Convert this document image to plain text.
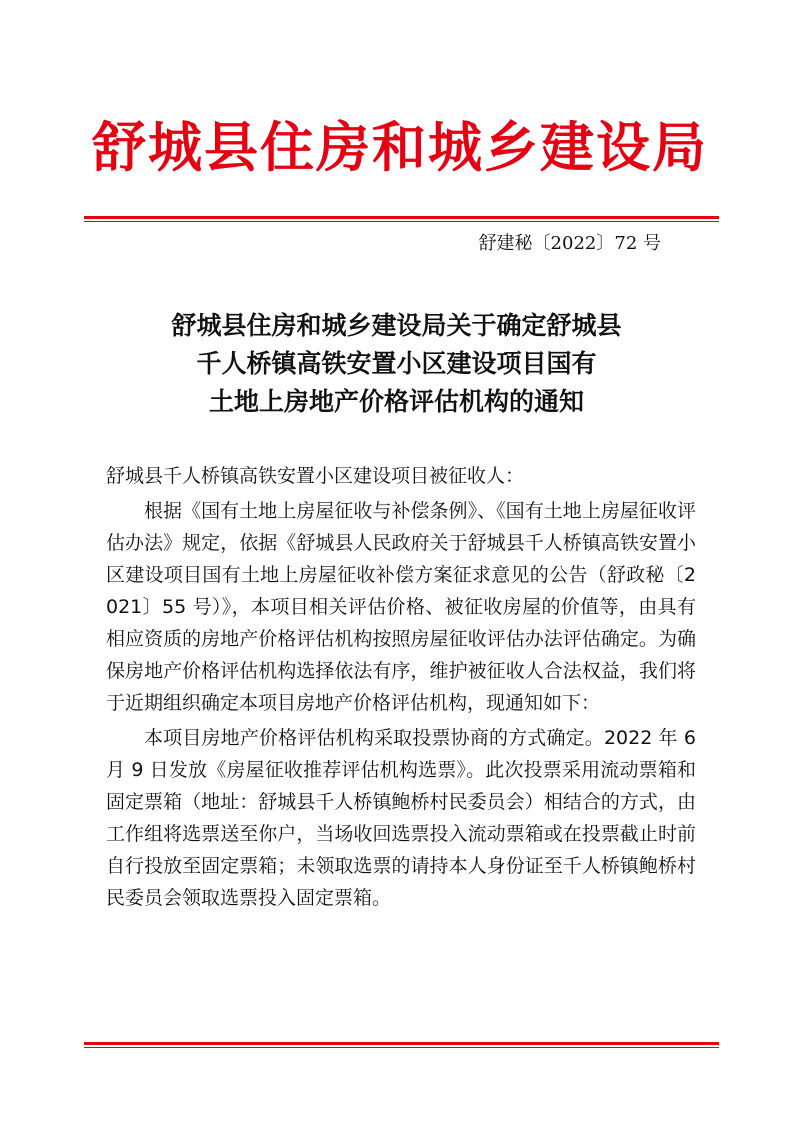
舒城县住房和城乡建设局
舒建秘〔2022〕72 号
舒城县住房和城乡建设局关于确定舒城县
千人桥镇高铁安置小区建设项目国有
土地上房地产价格评估机构的通知

舒城县千人桥镇高铁安置小区建设项目被征收人：

根据《国有土地上房屋征收与补偿条例》、《国有土地上房屋征收评估办法》规定，依据《舒城县人民政府关于舒城县千人桥镇高铁安置小区建设项目国有土地上房屋征收补偿方案征求意见的公告（舒政秘〔2021〕55 号）》，本项目相关评估价格、被征收房屋的价值等，由具有相应资质的房地产价格评估机构按照房屋征收评估办法评估确定。为确保房地产价格评估机构选择依法有序，维护被征收人合法权益，我们将于近期组织确定本项目房地产价格评估机构，现通知如下：

本项目房地产价格评估机构采取投票协商的方式确定。2022 年 6 月 9 日发放《房屋征收推荐评估机构选票》。此次投票采用流动票箱和固定票箱（地址：舒城县千人桥镇鲍桥村民委员会）相结合的方式，由工作组将选票送至你户，当场收回选票投入流动票箱或在投票截止时前自行投放至固定票箱；未领取选票的请持本人身份证至千人桥镇鲍桥村民委员会领取选票投入固定票箱。
